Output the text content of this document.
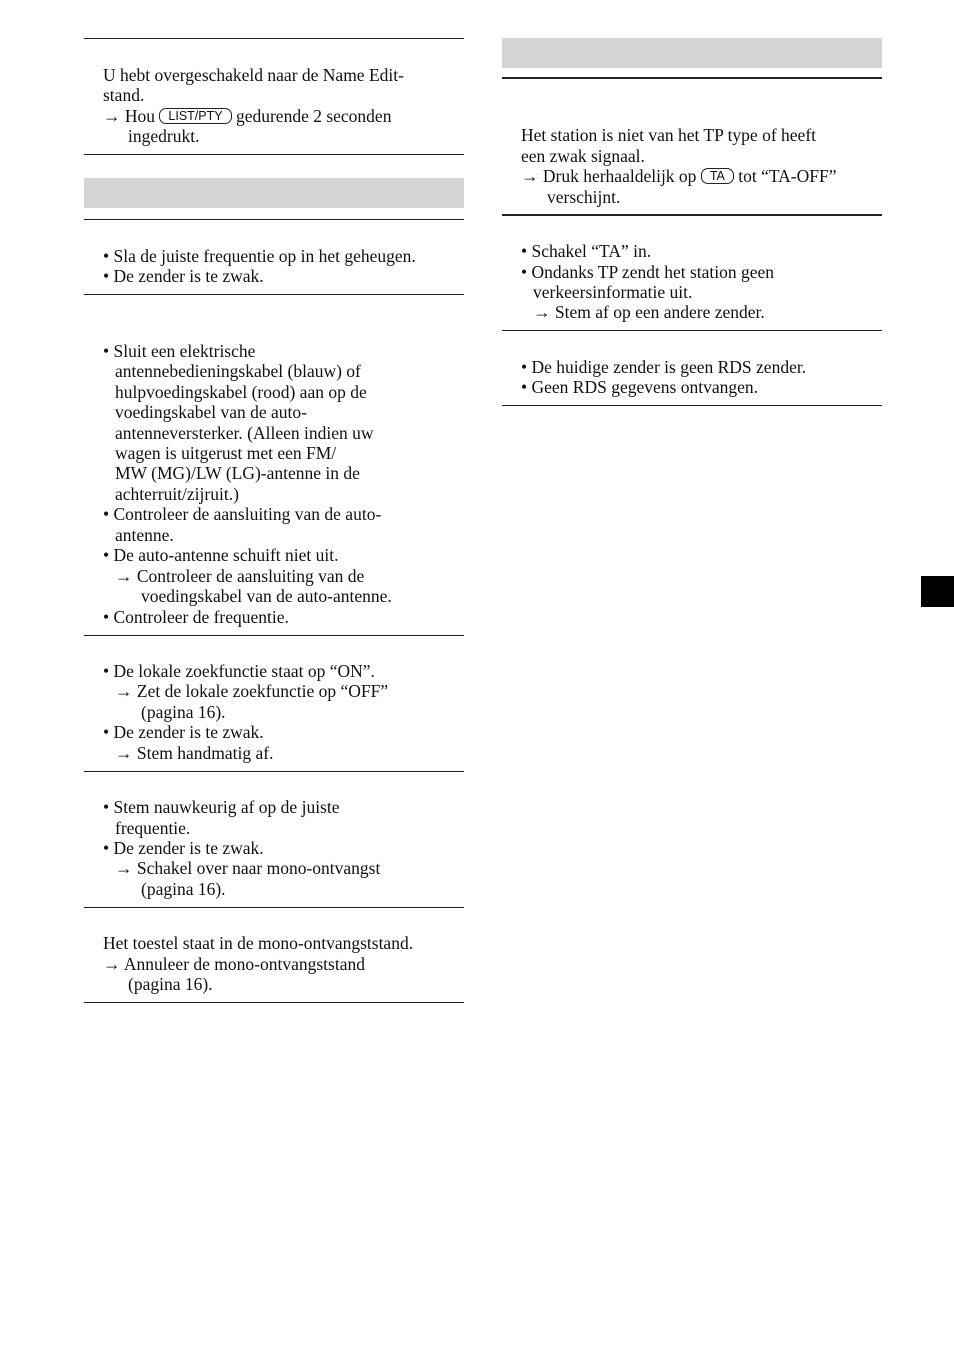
U hebt overgeschakeld naar de Name Edit-
stand.
→ Hou LIST/PTY gedurende 2 seconden
ingedrukt.
• Sla de juiste frequentie op in het geheugen.
• De zender is te zwak.
• Sluit een elektrische
antennebedieningskabel (blauw) of
hulpvoedingskabel (rood) aan op de
voedingskabel van de auto-
antenneversterker. (Alleen indien uw
wagen is uitgerust met een FM/
MW (MG)/LW (LG)-antenne in de
achterruit/zijruit.)
• Controleer de aansluiting van de auto-
antenne.
• De auto-antenne schuift niet uit.
→ Controleer de aansluiting van de
voedingskabel van de auto-antenne.
• Controleer de frequentie.
• De lokale zoekfunctie staat op “ON”.
→ Zet de lokale zoekfunctie op “OFF”
(pagina 16).
• De zender is te zwak.
→ Stem handmatig af.
• Stem nauwkeurig af op de juiste
frequentie.
• De zender is te zwak.
→ Schakel over naar mono-ontvangst
(pagina 16).
Het toestel staat in de mono-ontvangststand.
→ Annuleer de mono-ontvangststand
(pagina 16).
Het station is niet van het TP type of heeft
een zwak signaal.
→ Druk herhaaldelijk op TA tot “TA-OFF”
verschijnt.
• Schakel “TA” in.
• Ondanks TP zendt het station geen
verkeersinformatie uit.
→ Stem af op een andere zender.
• De huidige zender is geen RDS zender.
• Geen RDS gegevens ontvangen.
